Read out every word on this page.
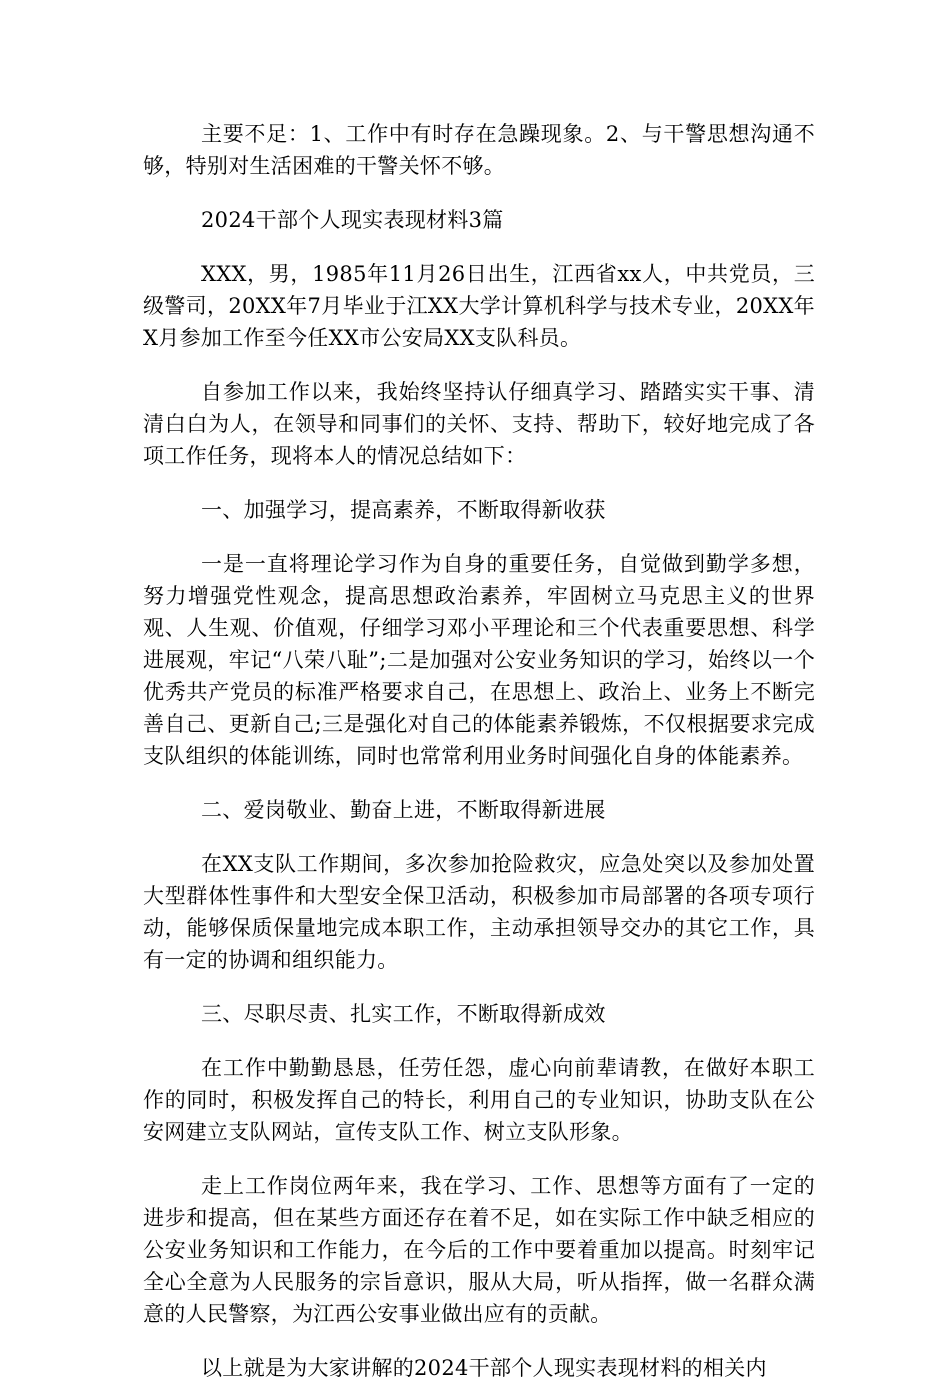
主要不足：1、工作中有时存在急躁现象。2、与干警思想沟通不够，特别对生活困难的干警关怀不够。

2024干部个人现实表现材料3篇

XXX，男，1985年11月26日出生，江西省xx人，中共党员，三级警司，20XX年7月毕业于江XX大学计算机科学与技术专业，20XX年X月参加工作至今任XX市公安局XX支队科员。

自参加工作以来，我始终坚持认仔细真学习、踏踏实实干事、清清白白为人，在领导和同事们的关怀、支持、帮助下，较好地完成了各项工作任务，现将本人的情况总结如下：

一、加强学习，提高素养，不断取得新收获

一是一直将理论学习作为自身的重要任务，自觉做到勤学多想，努力增强党性观念，提高思想政治素养，牢固树立马克思主义的世界观、人生观、价值观，仔细学习邓小平理论和三个代表重要思想、科学进展观，牢记“八荣八耻”;二是加强对公安业务知识的学习，始终以一个优秀共产党员的标准严格要求自己，在思想上、政治上、业务上不断完善自己、更新自己;三是强化对自己的体能素养锻炼，不仅根据要求完成支队组织的体能训练，同时也常常利用业务时间强化自身的体能素养。

二、爱岗敬业、勤奋上进，不断取得新进展

在XX支队工作期间，多次参加抢险救灾，应急处突以及参加处置大型群体性事件和大型安全保卫活动，积极参加市局部署的各项专项行动，能够保质保量地完成本职工作，主动承担领导交办的其它工作，具有一定的协调和组织能力。

三、尽职尽责、扎实工作，不断取得新成效

在工作中勤勤恳恳，任劳任怨，虚心向前辈请教，在做好本职工作的同时，积极发挥自己的特长，利用自己的专业知识，协助支队在公安网建立支队网站，宣传支队工作、树立支队形象。

走上工作岗位两年来，我在学习、工作、思想等方面有了一定的进步和提高，但在某些方面还存在着不足，如在实际工作中缺乏相应的公安业务知识和工作能力，在今后的工作中要着重加以提高。时刻牢记全心全意为人民服务的宗旨意识，服从大局，听从指挥，做一名群众满意的人民警察，为江西公安事业做出应有的贡献。

以上就是为大家讲解的2024干部个人现实表现材料的相关内
